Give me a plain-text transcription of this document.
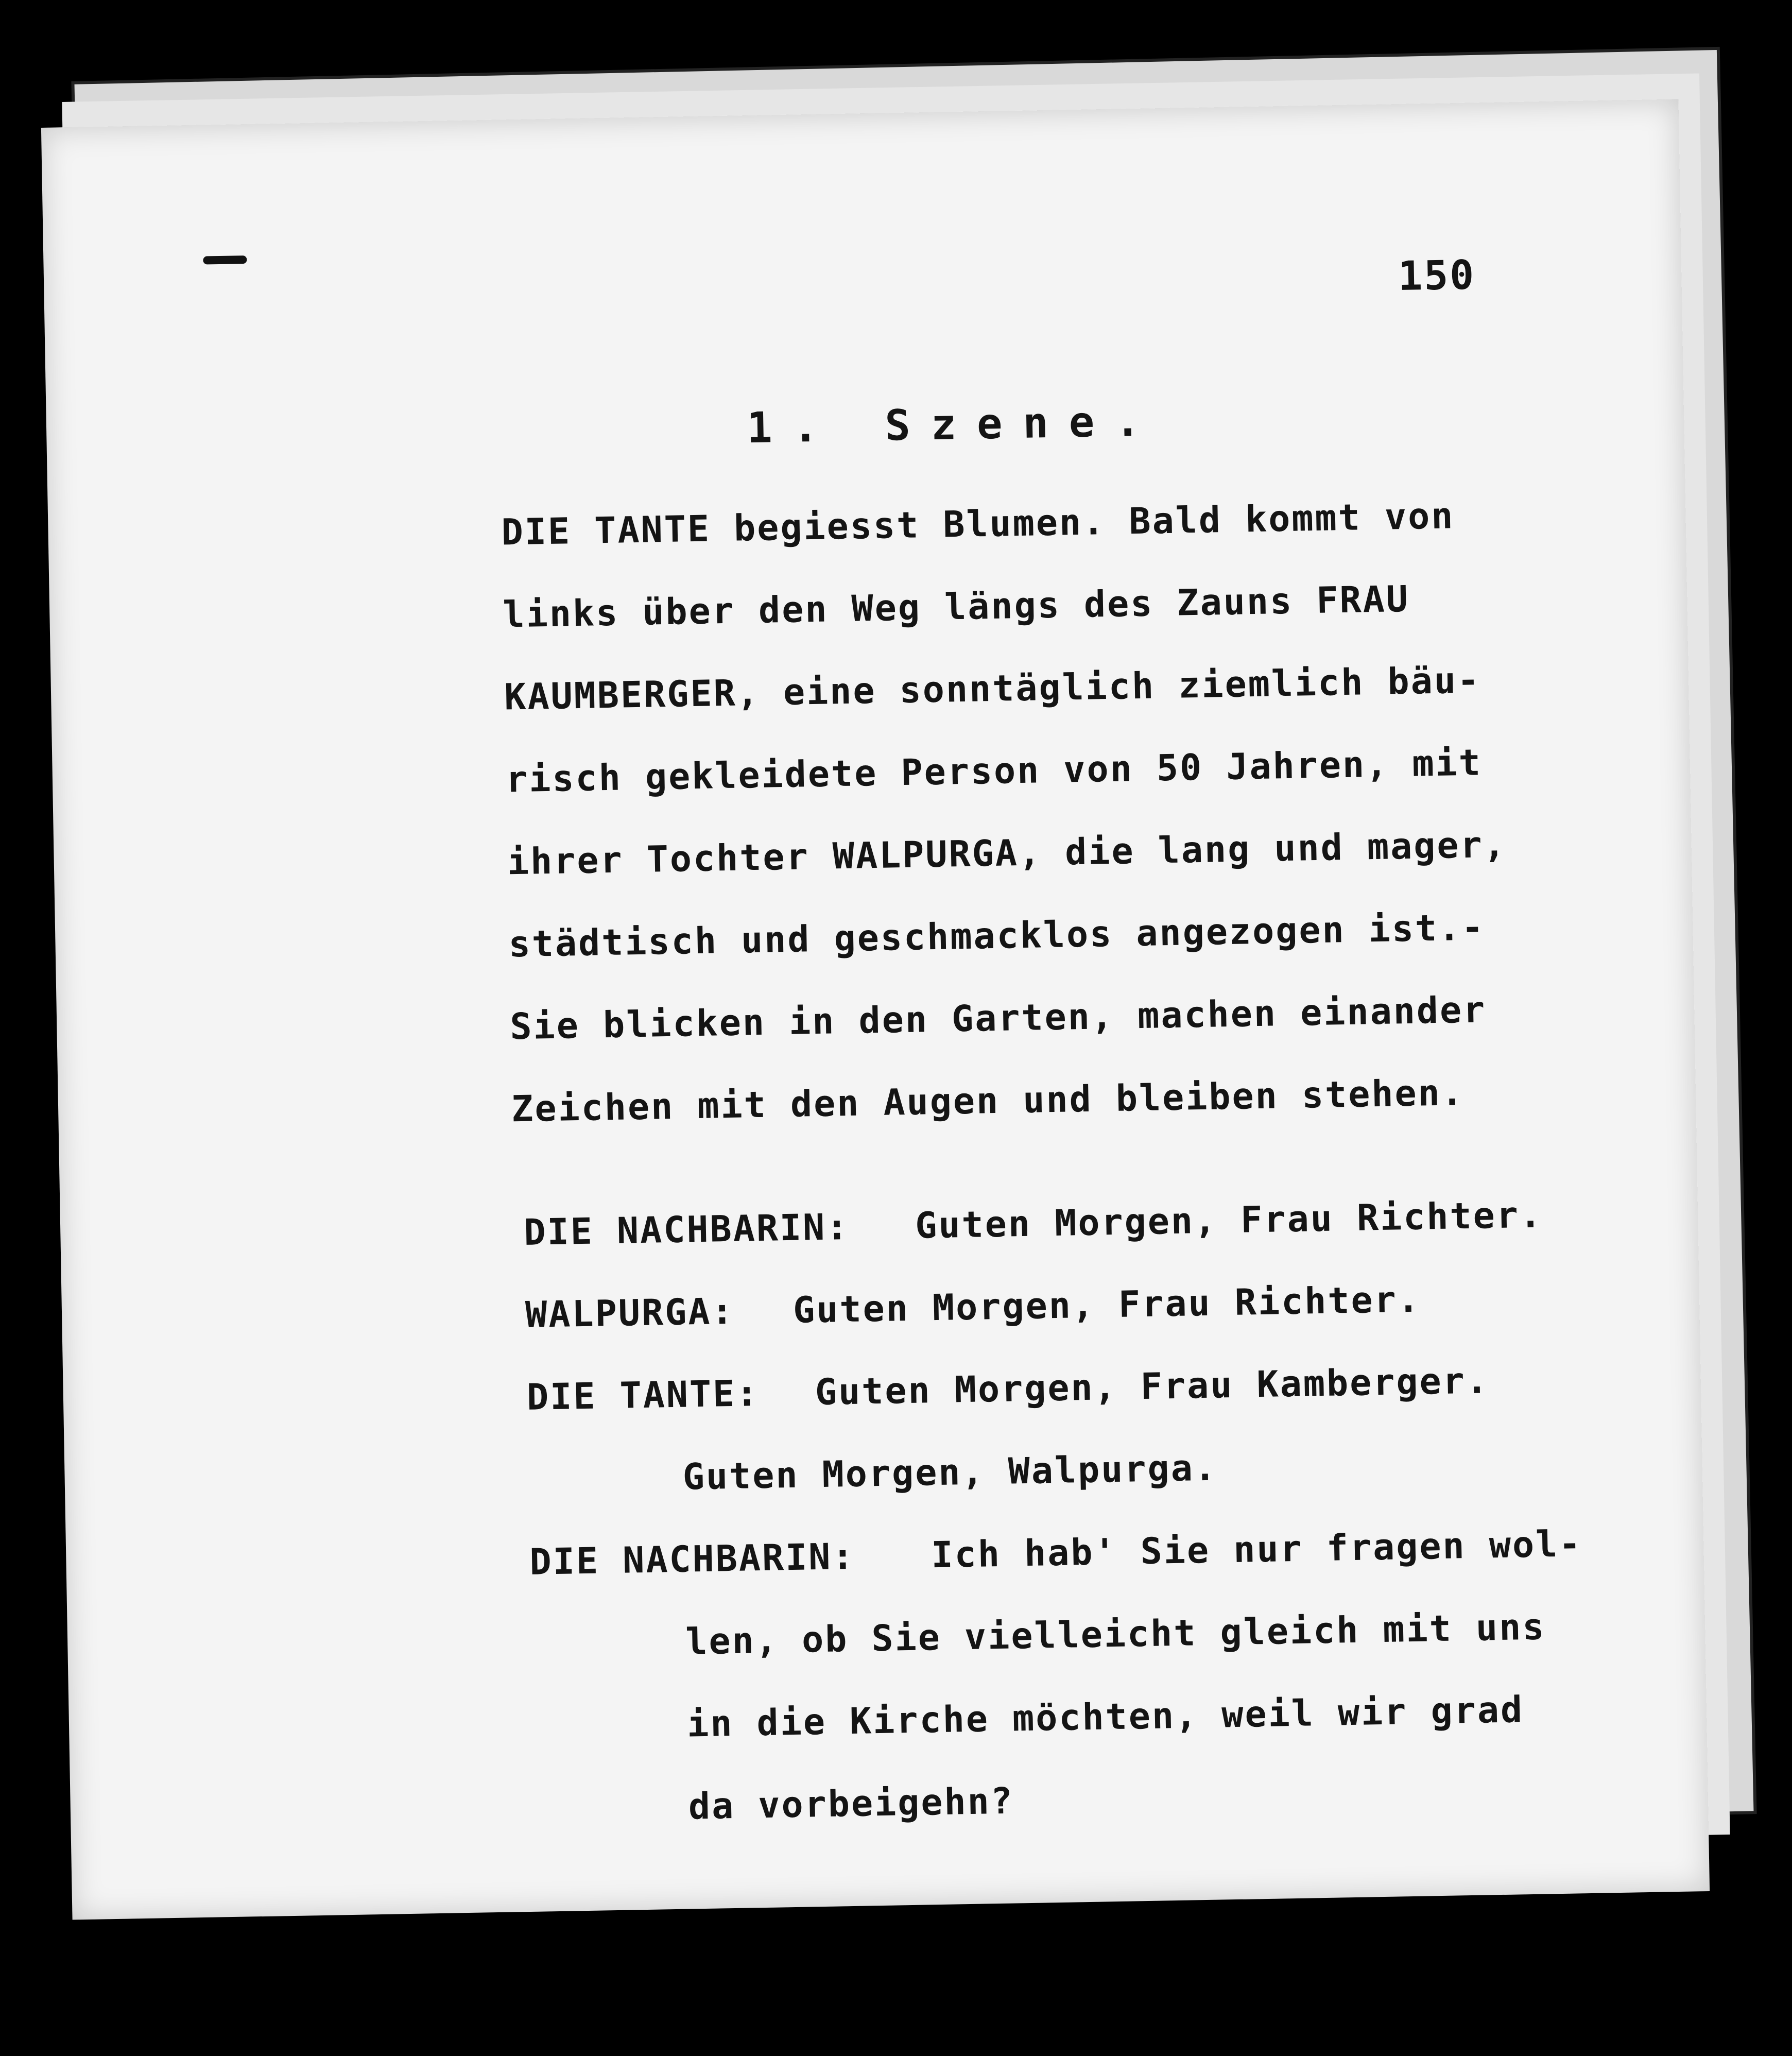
150
1. Szene.
DIE TANTE begiesst Blumen. Bald kommt von
links über den Weg längs des Zauns FRAU
KAUMBERGER, eine sonntäglich ziemlich bäu-
risch gekleidete Person von 50 Jahren, mit
ihrer Tochter WALPURGA, die lang und mager,
städtisch und geschmacklos angezogen ist.-
Sie blicken in den Garten, machen einander
Zeichen mit den Augen und bleiben stehen.
DIE NACHBARIN: Guten Morgen, Frau Richter.
WALPURGA: Guten Morgen, Frau Richter.
DIE TANTE: Guten Morgen, Frau Kamberger.
Guten Morgen, Walpurga.
DIE NACHBARIN: Ich hab' Sie nur fragen wol-
len, ob Sie vielleicht gleich mit uns
in die Kirche möchten, weil wir grad
da vorbeigehn?
